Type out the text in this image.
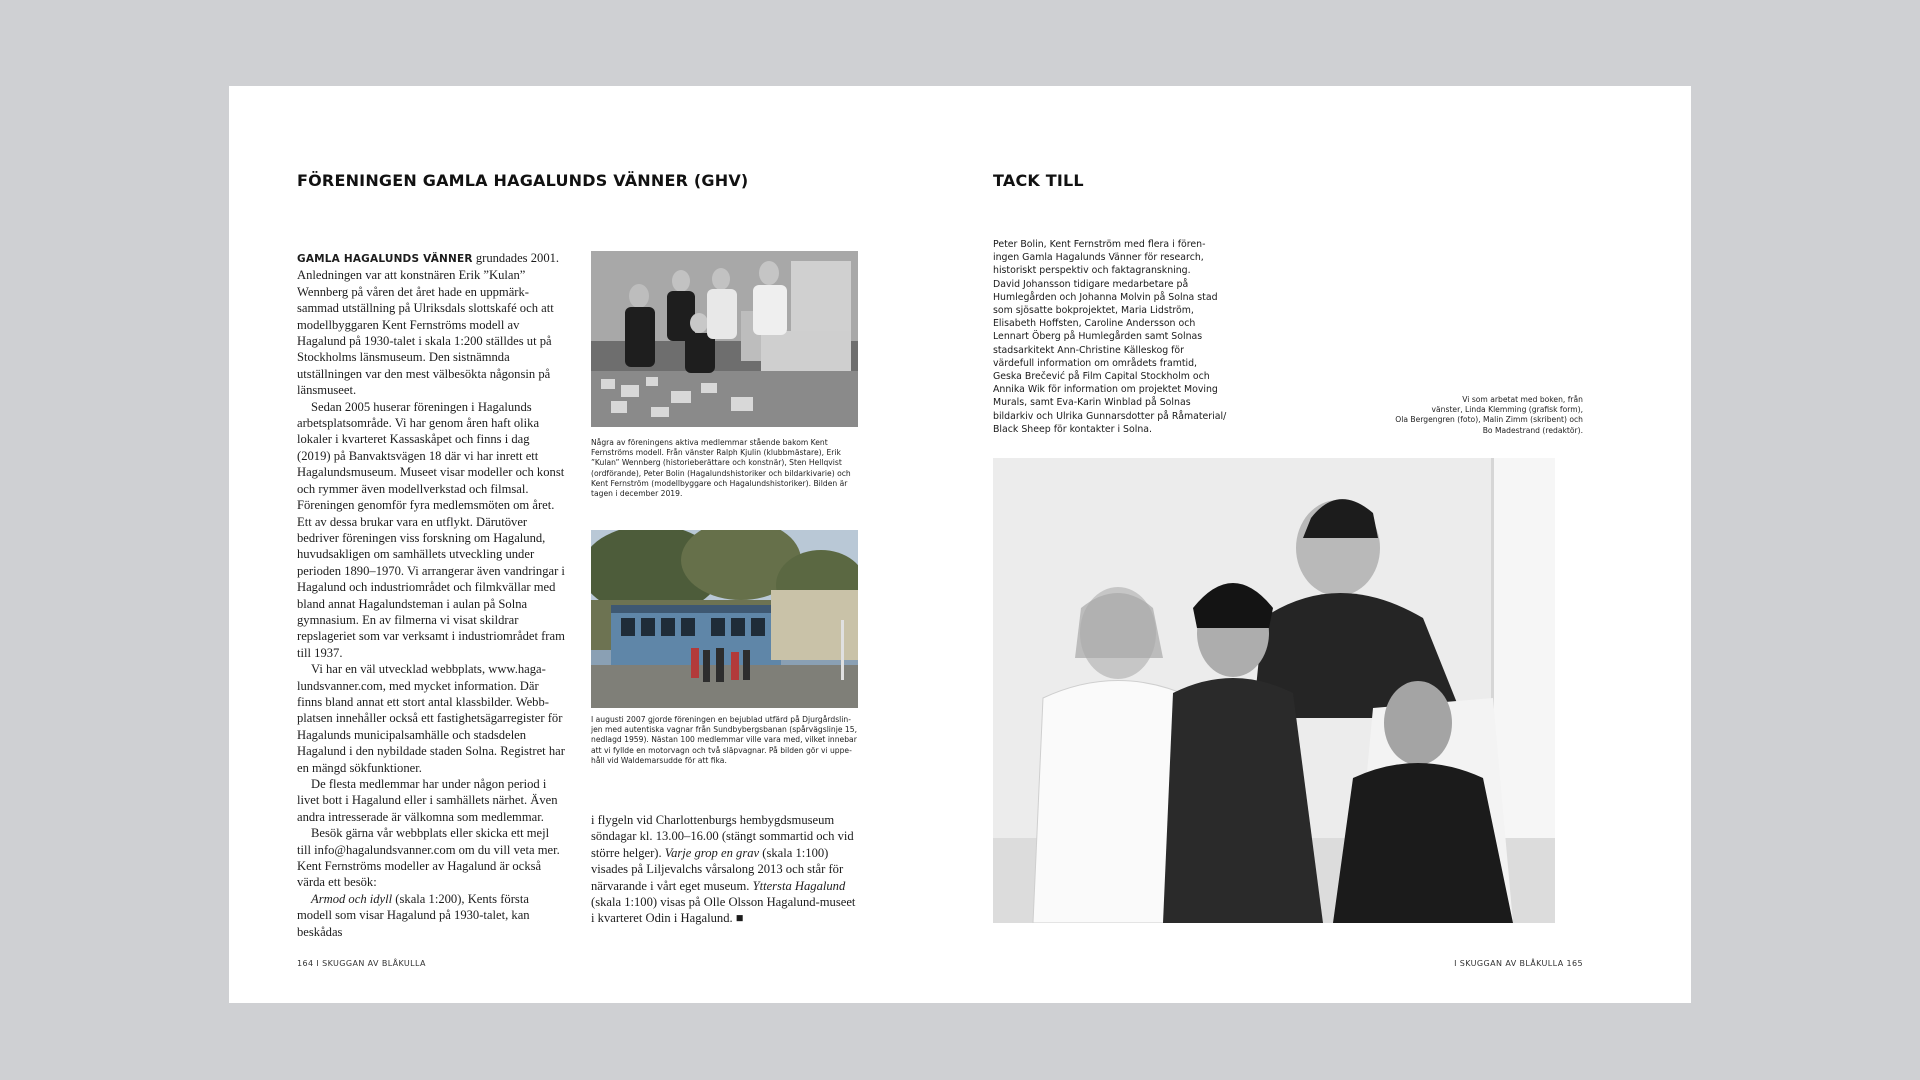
FÖRENINGEN GAMLA HAGALUNDS VÄNNER (GHV)

GAMLA HAGALUNDS VÄNNER grundades 2001. Anledningen var att konstnären Erik ”Kulan” Wennberg på våren det året hade en uppmärksammad utställning på Ulriksdals slottskafé och att modellbyggaren Kent Fernströms modell av Hagalund på 1930-talet i skala 1:200 ställdes ut på Stockholms länsmuseum. Den sistnämnda utställningen var den mest välbesökta någonsin på länsmuseet.

Sedan 2005 huserar föreningen i Hagalunds arbetsplatsområde. Vi har genom åren haft olika lokaler i kvarteret Kassaskåpet och finns i dag (2019) på Banvaktsvägen 18 där vi har inrett ett Hagalundsmuseum. Museet visar modeller och konst och rymmer även modellverkstad och filmsal. Föreningen genomför fyra medlemsmöten om året. Ett av dessa brukar vara en utflykt. Därutöver bedriver föreningen viss forskning om Hagalund, huvudsakligen om samhällets utveckling under perioden 1890–1970. Vi arrangerar även vandringar i Hagalund och industriområdet och filmkvällar med bland annat Hagalundsteman i aulan på Solna gymnasium. En av filmerna vi visat skildrar repslageriet som var verksamt i industriområdet fram till 1937.

Vi har en väl utvecklad webbplats, www.hagalundsvanner.com, med mycket information. Där finns bland annat ett stort antal klassbilder. Webbplatsen innehåller också ett fastighetsägarregister för Hagalunds municipalsamhälle och stadsdelen Hagalund i den nybildade staden Solna. Registret har en mängd sökfunktioner.

De flesta medlemmar har under någon period i livet bott i Hagalund eller i samhällets närhet. Även andra intresserade är välkomna som medlemmar.

Besök gärna vår webbplats eller skicka ett mejl till info@hagalundsvanner.com om du vill veta mer. Kent Fernströms modeller av Hagalund är också värda ett besök:

Armod och idyll (skala 1:200), Kents första modell som visar Hagalund på 1930-talet, kan beskådas

Några av föreningens aktiva medlemmar stående bakom Kent Fernströms modell. Från vänster Ralph Kjulin (klubbmästare), Erik ”Kulan” Wennberg (historieberättare och konstnär), Sten Hellqvist (ordförande), Peter Bolin (Hagalundshistoriker och bildarkivarie) och Kent Fernström (modellbyggare och Hagalundshistoriker). Bilden är tagen i december 2019.
I augusti 2007 gjorde föreningen en bejublad utfärd på Djurgårdslinjen med autentiska vagnar från Sundbybergsbanan (spårvägslinje 15, nedlagd 1959). Nästan 100 medlemmar ville vara med, vilket innebar att vi fyllde en motorvagn och två släpvagnar. På bilden gör vi uppehåll vid Waldemarsudde för att fika.

i flygeln vid Charlottenburgs hembygdsmuseum söndagar kl. 13.00–16.00 (stängt sommartid och vid större helger). Varje grop en grav (skala 1:100) visades på Liljevalchs vårsalong 2013 och står för närvarande i vårt eget museum. Yttersta Hagalund (skala 1:100) visas på Olle Olsson Hagalund-museet i kvarteret Odin i Hagalund. ■

164 I SKUGGAN AV BLÅKULLA
TACK TILL
Peter Bolin, Kent Fernström med flera i fören-
ingen Gamla Hagalunds Vänner för research,
historiskt perspektiv och faktagranskning.
David Johansson tidigare medarbetare på
Humlegården och Johanna Molvin på Solna stad
som sjösatte bokprojektet, Maria Lidström,
Elisabeth Hoffsten, Caroline Andersson och
Lennart Öberg på Humlegården samt Solnas
stadsarkitekt Ann-Christine Källeskog för
värdefull information om områdets framtid,
Geska Brečević på Film Capital Stockholm och
Annika Wik för information om projektet Moving
Murals, samt Eva-Karin Winblad på Solnas
bildarkiv och Ulrika Gunnarsdotter på Råmaterial/
Black Sheep för kontakter i Solna.
Vi som arbetat med boken, från
vänster, Linda Klemming (grafisk form),
Ola Bergengren (foto), Malin Zimm (skribent) och
Bo Madestrand (redaktör).
I SKUGGAN AV BLÅKULLA 165
